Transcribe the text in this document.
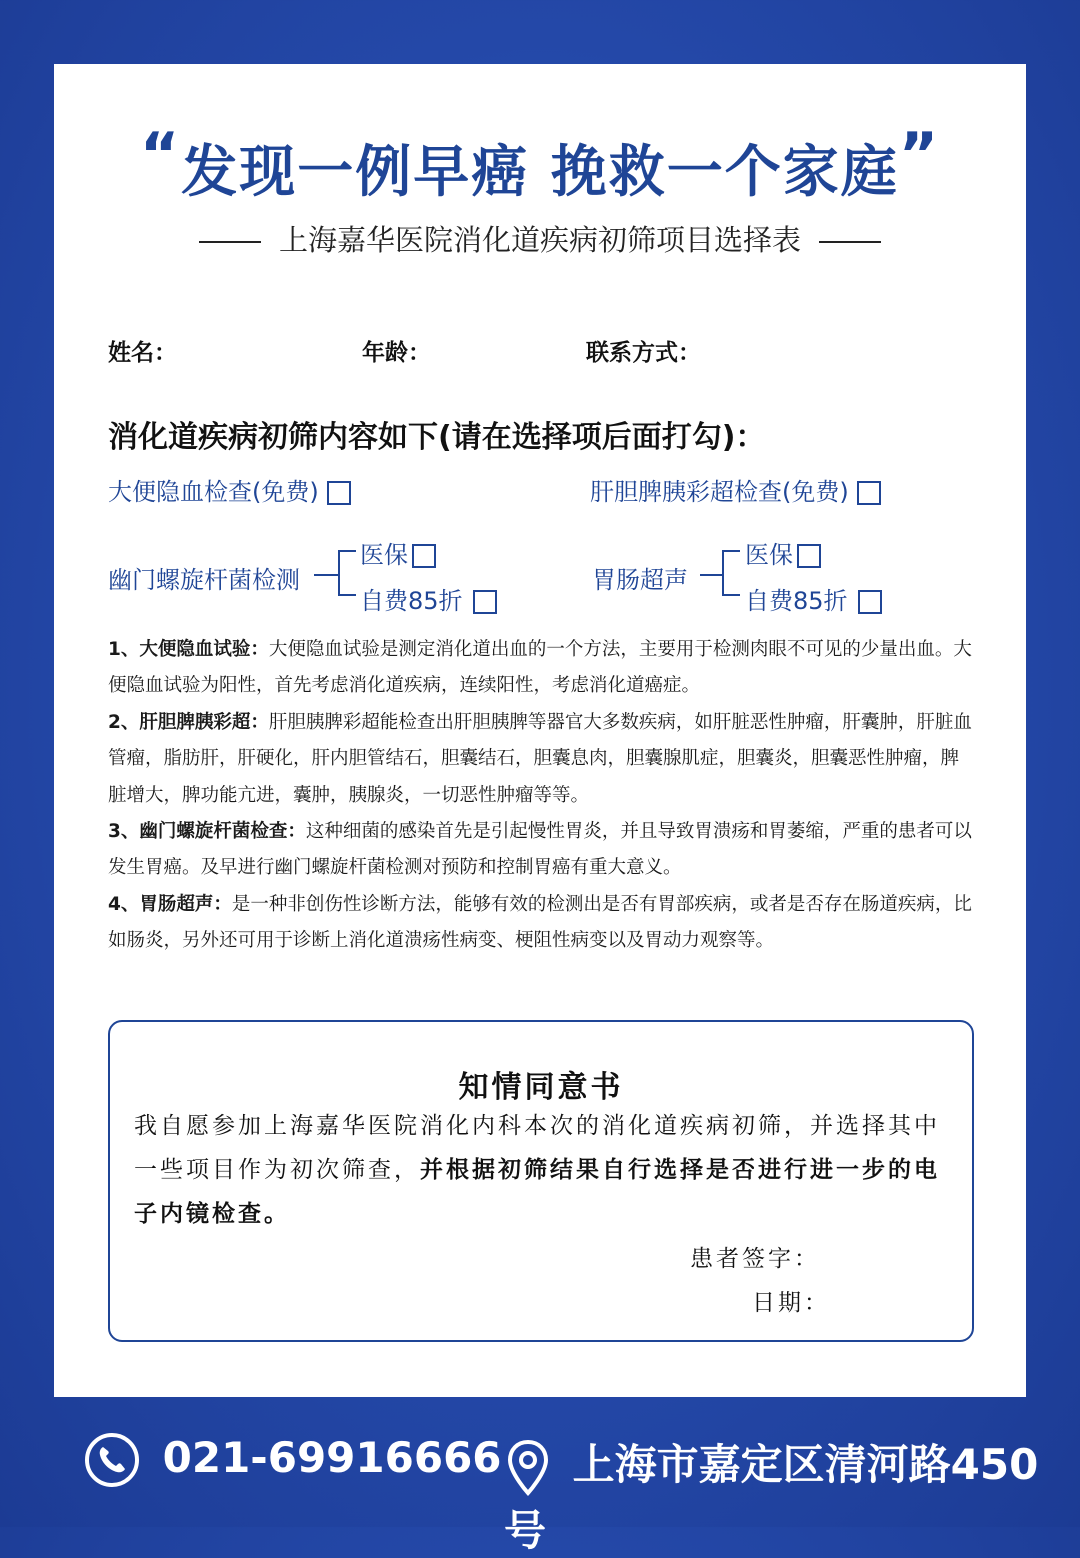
“发现一例早癌 挽救一个家庭”
上海嘉华医院消化道疾病初筛项目选择表
姓名：	年龄：	联系方式：
消化道疾病初筛内容如下(请在选择项后面打勾)：
大便隐血检查(免费)	肝胆脾胰彩超检查(免费)
幽门螺旋杆菌检测
医保
自费85折
胃肠超声
医保
自费85折

1、大便隐血试验：大便隐血试验是测定消化道出血的一个方法，主要用于检测肉眼不可见的少量出血。大便隐血试验为阳性，首先考虑消化道疾病，连续阳性，考虑消化道癌症。

2、肝胆脾胰彩超：肝胆胰脾彩超能检查出肝胆胰脾等器官大多数疾病，如肝脏恶性肿瘤，肝囊肿，肝脏血管瘤，脂肪肝，肝硬化，肝内胆管结石，胆囊结石，胆囊息肉，胆囊腺肌症，胆囊炎，胆囊恶性肿瘤，脾脏增大，脾功能亢进，囊肿，胰腺炎，一切恶性肿瘤等等。

3、幽门螺旋杆菌检查：这种细菌的感染首先是引起慢性胃炎，并且导致胃溃疡和胃萎缩，严重的患者可以发生胃癌。及早进行幽门螺旋杆菌检测对预防和控制胃癌有重大意义。

4、胃肠超声：是一种非创伤性诊断方法，能够有效的检测出是否有胃部疾病，或者是否存在肠道疾病，比如肠炎，另外还可用于诊断上消化道溃疡性病变、梗阻性病变以及胃动力观察等。

知情同意书
我自愿参加上海嘉华医院消化内科本次的消化道疾病初筛，并选择其中一些项目作为初次筛查，并根据初筛结果自行选择是否进行进一步的电子内镜检查。
患者签字：
日期：
021-69916666	上海市嘉定区清河路450号
